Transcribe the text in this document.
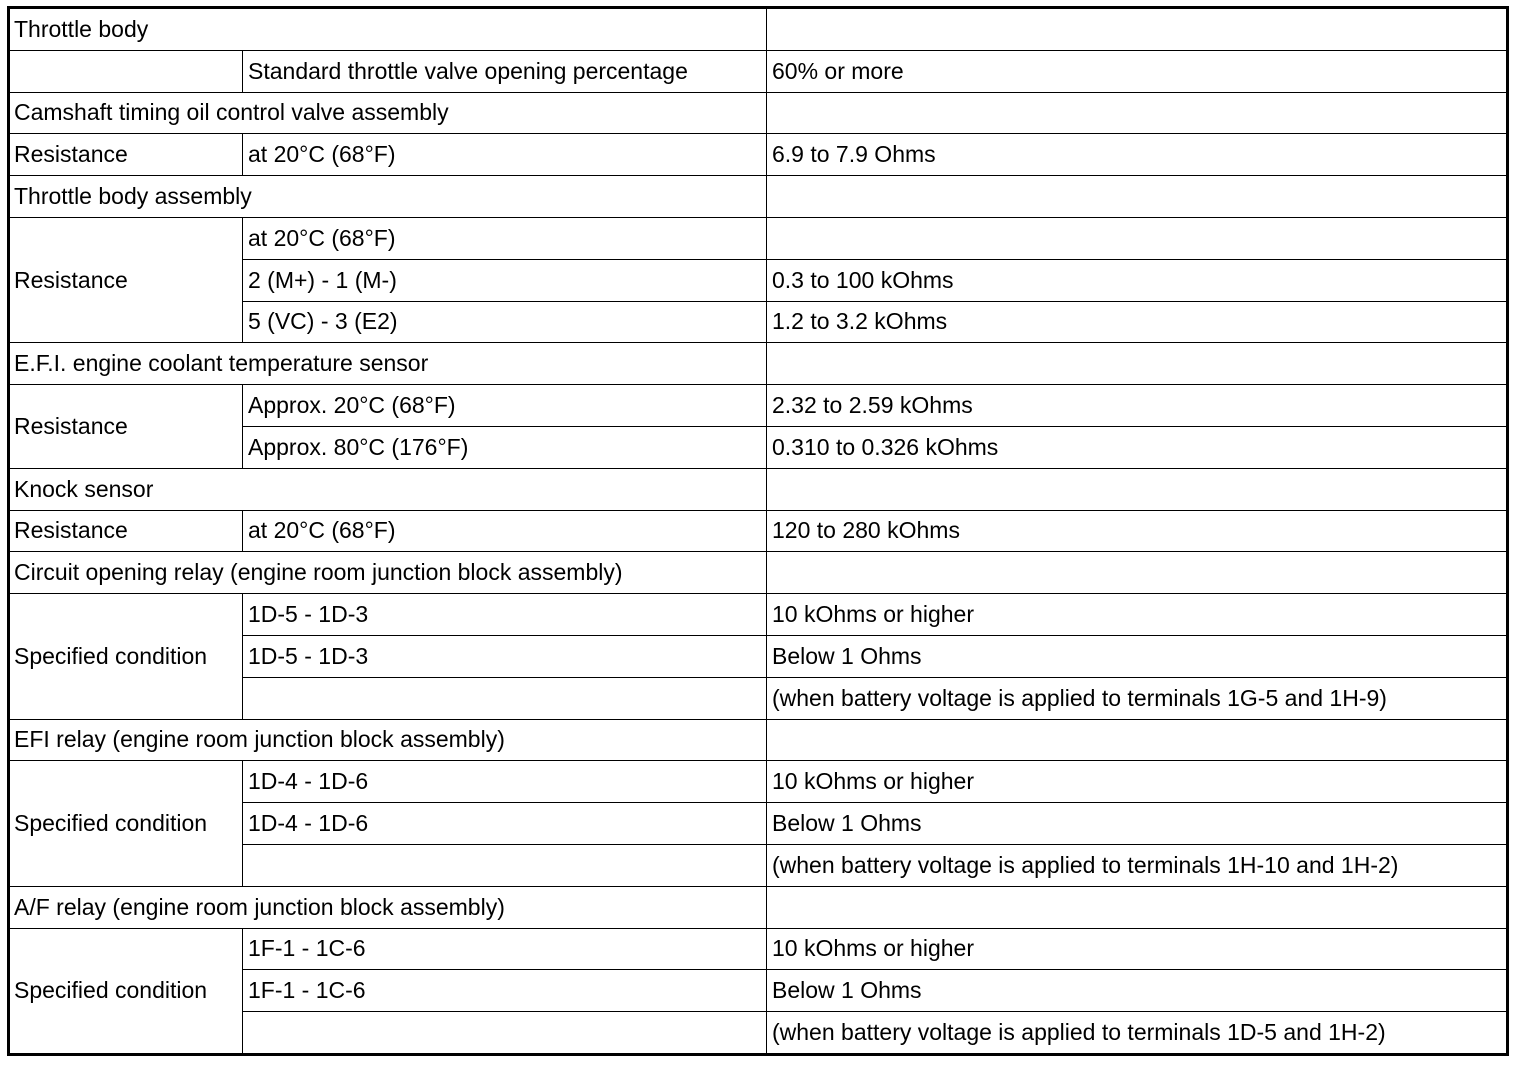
Throttle body		
	Standard throttle valve opening percentage	60% or more
Camshaft timing oil control valve assembly		
Resistance	at 20°C (68°F)	6.9 to 7.9 Ohms
Throttle body assembly		
Resistance	at 20°C (68°F)	
	2 (M+) - 1 (M-)	0.3 to 100 kOhms
	5 (VC) - 3 (E2)	1.2 to 3.2 kOhms
E.F.I. engine coolant temperature sensor		
Resistance	Approx. 20°C (68°F)	2.32 to 2.59 kOhms
	Approx. 80°C (176°F)	0.310 to 0.326 kOhms
Knock sensor		
Resistance	at 20°C (68°F)	120 to 280 kOhms
Circuit opening relay (engine room junction block assembly)		
Specified condition	1D-5 - 1D-3	10 kOhms or higher
	1D-5 - 1D-3	Below 1 Ohms
		(when battery voltage is applied to terminals 1G-5 and 1H-9)
EFI relay (engine room junction block assembly)		
Specified condition	1D-4 - 1D-6	10 kOhms or higher
	1D-4 - 1D-6	Below 1 Ohms
		(when battery voltage is applied to terminals 1H-10 and 1H-2)
A/F relay (engine room junction block assembly)		
Specified condition	1F-1 - 1C-6	10 kOhms or higher
	1F-1 - 1C-6	Below 1 Ohms
		(when battery voltage is applied to terminals 1D-5 and 1H-2)
